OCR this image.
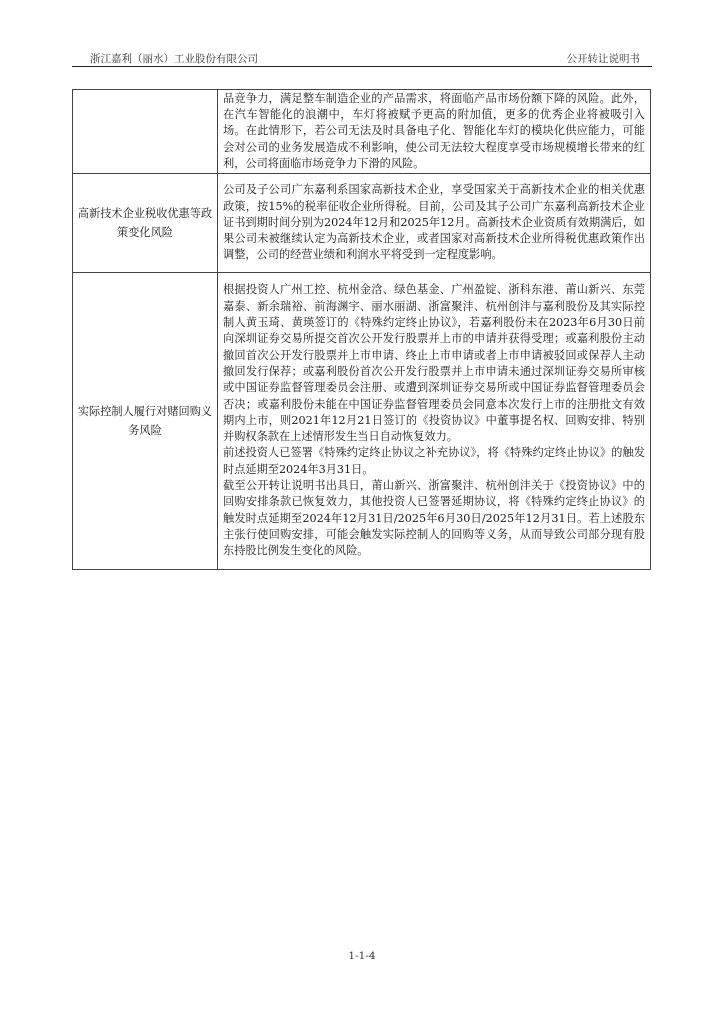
浙江嘉利（丽水）工业股份有限公司	公开转让说明书

	品竞争力，满足整车制造企业的产品需求，将面临产品市场份额下降的风险。此外，在汽车智能化的浪潮中，车灯将被赋予更高的附加值，更多的优秀企业将被吸引入场。在此情形下，若公司无法及时具备电子化、智能化车灯的模块化供应能力，可能会对公司的业务发展造成不利影响，使公司无法较大程度享受市场规模增长带来的红利，公司将面临市场竞争力下滑的风险。

高新技术企业税收优惠等政策变化风险	公司及子公司广东嘉利系国家高新技术企业，享受国家关于高新技术企业的相关优惠政策，按15%的税率征收企业所得税。目前，公司及其子公司广东嘉利高新技术企业证书到期时间分别为2024年12月和2025年12月。高新技术企业资质有效期满后，如果公司未被继续认定为高新技术企业，或者国家对高新技术企业所得税优惠政策作出调整，公司的经营业绩和利润水平将受到一定程度影响。

实际控制人履行对赌回购义务风险	根据投资人广州工控、杭州金浛、绿色基金、广州盈锭、浙科东港、莆山新兴、东莞嘉泰、新余瑞裕、前海渊宇、丽水丽湖、浙富聚沣、杭州创沣与嘉利股份及其实际控制人黄玉琦、黄瑛签订的《特殊约定终止协议》，若嘉利股份未在2023年6月30日前向深圳证券交易所提交首次公开发行股票并上市的申请并获得受理；或嘉利股份主动撤回首次公开发行股票并上市申请、终止上市申请或者上市申请被驳回或保荐人主动撤回发行保荐；或嘉利股份首次公开发行股票并上市申请未通过深圳证券交易所审核或中国证券监督管理委员会注册、或遭到深圳证券交易所或中国证券监督管理委员会否决；或嘉利股份未能在中国证券监督管理委员会同意本次发行上市的注册批文有效期内上市，则2021年12月21日签订的《投资协议》中董事提名权、回购安排、特别并购权条款在上述情形发生当日自动恢复效力。

前述投资人已签署《特殊约定终止协议之补充协议》，将《特殊约定终止协议》的触发时点延期至2024年3月31日。

截至公开转让说明书出具日，莆山新兴、浙富聚沣、杭州创沣关于《投资协议》中的回购安排条款已恢复效力，其他投资人已签署延期协议，将《特殊约定终止协议》的触发时点延期至2024年12月31日/2025年6月30日/2025年12月31日。若上述股东主张行使回购安排，可能会触发实际控制人的回购等义务，从而导致公司部分现有股东持股比例发生变化的风险。

1-1-4
